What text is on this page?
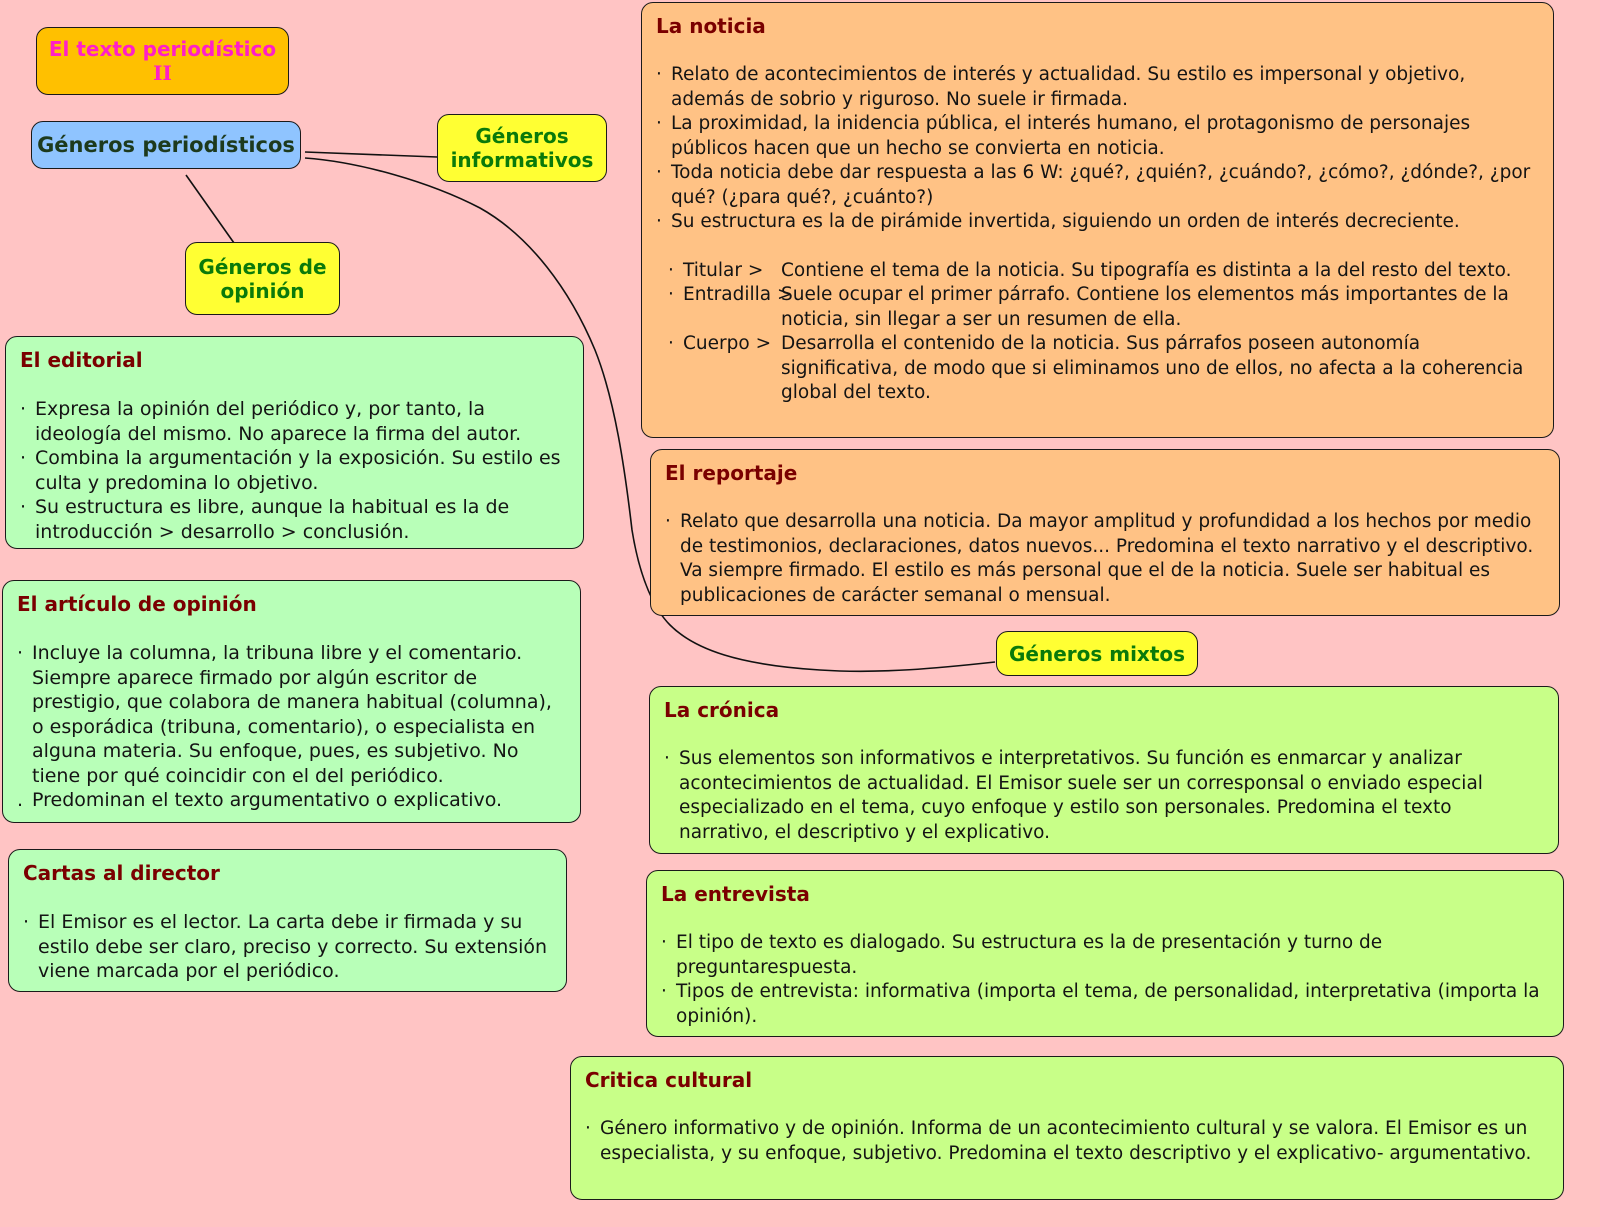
El texto periodístico
II
Géneros periodísticos	Géneros
informativos
Géneros de
opinión
Géneros mixtos
La noticia
· Relato de acontecimientos de interés y actualidad. Su estilo es impersonal y objetivo, además de sobrio y riguroso. No suele ir firmada.
· La proximidad, la inidencia pública, el interés humano, el protagonismo de personajes públicos hacen que un hecho se convierta en noticia.
· Toda noticia debe dar respuesta a las 6 W: ¿qué?, ¿quién?, ¿cuándo?, ¿cómo?, ¿dónde?, ¿por qué? (¿para qué?, ¿cuánto?)
· Su estructura es la de pirámide invertida, siguiendo un orden de interés decreciente.
· Titular > Contiene el tema de la noticia. Su tipografía es distinta a la del resto del texto.
· Entradilla >
Suele ocupar el primer párrafo. Contiene los elementos más importantes de la noticia, sin llegar a ser un resumen de ella.
· Cuerpo > Desarrolla el contenido de la noticia. Sus párrafos poseen autonomía significativa, de modo que si eliminamos uno de ellos, no afecta a la coherencia global del texto.
El reportaje
· Relato que desarrolla una noticia. Da mayor amplitud y profundidad a los hechos por medio de testimonios, declaraciones, datos nuevos... Predomina el texto narrativo y el descriptivo. Va siempre firmado. El estilo es más personal que el de la noticia. Suele ser habitual es publicaciones de carácter semanal o mensual.
El editorial
· Expresa la opinión del periódico y, por tanto, la ideología del mismo. No aparece la firma del autor.
· Combina la argumentación y la exposición. Su estilo es culta y predomina lo objetivo.
· Su estructura es libre, aunque la habitual es la de introducción > desarrollo > conclusión.
El artículo de opinión
· Incluye la columna, la tribuna libre y el comentario. Siempre aparece firmado por algún escritor de prestigio, que colabora de manera habitual (columna), o esporádica (tribuna, comentario), o especialista en alguna materia. Su enfoque, pues, es subjetivo. No tiene por qué coincidir con el del periódico.
. Predominan el texto argumentativo o explicativo.
Cartas al director
· El Emisor es el lector. La carta debe ir firmada y su estilo debe ser claro, preciso y correcto. Su extensión viene marcada por el periódico.
La crónica
· Sus elementos son informativos e interpretativos. Su función es enmarcar y analizar acontecimientos de actualidad. El Emisor suele ser un corresponsal o enviado especial especializado en el tema, cuyo enfoque y estilo son personales. Predomina el texto narrativo, el descriptivo y el explicativo.
La entrevista
· El tipo de texto es dialogado. Su estructura es la de presentación y turno de preguntarespuesta.
· Tipos de entrevista: informativa (importa el tema, de personalidad, interpretativa (importa la opinión).
Critica cultural
· Género informativo y de opinión. Informa de un acontecimiento cultural y se valora. El Emisor es un especialista, y su enfoque, subjetivo. Predomina el texto descriptivo y el explicativo- argumentativo.
